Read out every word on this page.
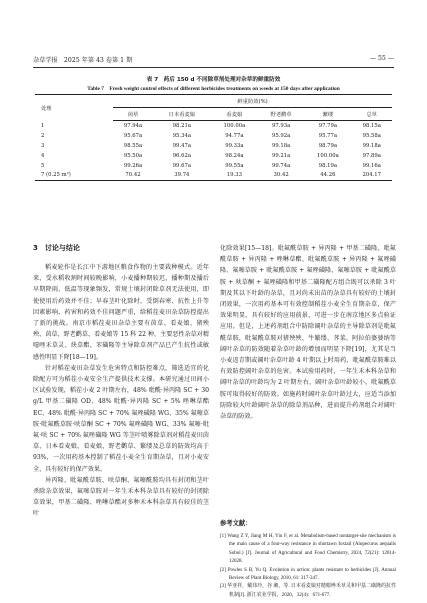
杂草学报　2025 年第 43 卷第 1 期	— 55 —
表 7　药后 150 d 不同除草剂处理对杂草的鲜重防效
Table 7　Fresh weight control effects of different herbicides treatments on weeds at 150 days after application
处理	鲜重防效(%)					
	茵草	日本看麦娘	看麦娘	野老鹳草	繁缕	总草
1	97.94a	98.21a	100.00a	97.93a	97.79a	98.15a
2	95.67a	95.34a	94.77a	95.92a	95.77a	95.58a
3	98.55a	99.47a	99.33a	99.18a	98.79a	99.18a
4	95.50a	96.62a	98.24a	99.21a	100.00a	97.89a
5	99.26a	99.67a	99.55a	99.74a	98.19a	99.16a
7 (0.25 m²)	70.42	39.74	19.33	30.42	44.26	204.17
3　讨论与结论

稻麦轮作是长江中下游地区粮食作物的主要栽种模式。近年来，受水稻收割时间较晚影响，小麦播种期较迟，播种期及播后早期降雨、低温等现象频发，常规土壤封闭除草剂无法使用，即使使用后药效并不佳；早春茎叶化除时，受倒春寒、抗性上升等因素影响，药害和药效不佳问题严重，给稻茬麦田杂草防控提出了新的挑战。南京市稻茬麦田杂草主要有茵草、看麦娘、猪殃殃、茵草、野老鹳草、看麦娘等 15 科 22 种，主要恶性杂草对精噁唑禾草灵、炔草酯、苯磺隆等主导除草剂产品已产生抗性或敏感性明显下降[18—19]。

针对稻茬麦田杂草发生危害特点和防控难点，筛选适宜的化除配方可为稻茬小麦安全生产提供技术支撑。本研究通过田间小区试验发现，稻茬小麦 2 叶期左右，48% 吡酰·异丙隆 SC + 30 g/L 甲基二磺隆 OD、48% 吡酰·异丙隆 SC + 5% 唑啉草酯 EC、48% 吡酰·异丙隆 SC + 70% 氟唑磺隆 WG、35% 氟噻草胺·吡氟酰草胺·呋草酮 SC + 70% 氟唑磺隆 WG、33% 氟噻·吡氟·呋 SC + 70% 氟唑磺隆 WG 等茎叶喷雾除草剂对稻茬麦田茵草、日本看麦娘、看麦娘、野老鹳草、繁缕及总草的防效均高于 93%，一次用药基本控制了稻茬小麦全生育期杂草，且对小麦安全，具有较好的保产效果。

异丙隆、吡氟酰草胺、呋草酮、氟噻酰胺均具有封闭和茎叶杀除杂草效果，氟噻草胺对一年生禾本科杂草具有较好的封闭除草效果，甲基二磺隆、唑啉草酯对多种禾本科杂草具有较佳的茎叶

化除效果[15—18]。吡氟酰草胺 + 异丙隆 + 甲基二磺隆、吡氟酰草胺 + 异丙隆 + 唑啉草酯、吡氟酰草胺 + 异丙隆 + 氟唑磺隆、氟噻草胺 + 吡氟酰草胺 + 氟唑磺隆、氟噻草胺 + 吡氟酰草胺 + 呋草酮 + 氟唑磺隆和甲基二磺隆配方组合既可以杀除 3 叶期及其以下叶龄的杂草，且对尚未出苗的杂草具有较好的土壤封闭效果，一次用药基本可有效控制稻茬小麦全生育期杂草，保产效果明显，具有较好的应用前景，可进一步在南京地区多点验证应用。但是，上述药剂组合中防除阔叶杂草的主导除草剂是吡氟酰草胺，吡氟酰草胺对猪殃殃、牛繁缕、荠菜、阿拉伯婆婆纳等阔叶杂草的防效随着杂草叶龄的增加而明显下降[19]，尤其是当小麦返青期或阔叶杂草叶龄 4 叶期以上时用药，吡氟酰草胺难以有效防控阔叶杂草的危害。本试验用药时，一年生禾本科杂草和阔叶杂草的叶龄均为 2 叶期左右，阔叶杂草叶龄较小，吡氟酰草胺可取得较好的防效。如施药时阔叶杂草叶龄过大，应适当添加防除较大叶龄阔叶杂草的除草剂品种，进而提升药剂组合对阔叶杂草的防效。

参考文献：

[1] Wang Z Y, Jiang M H, Yin F, et al. Metabolism-based nontarget-site mechanism is the main cause of a four-way resistance in shortawn foxtail (Alopecurus aequalis Sobol.) [J]. Journal of Agricultural and Food Chemistry, 2024, 72(21): 12014-12028.

[2] Powles S B, Yu Q. Evolution in action: plants resistant to herbicides [J]. Annual Review of Plant Biology, 2010, 61: 317-347.

[3] 华亚祥，戴玮玲，谷 湘，等. 日本看麦娘对精噁唑禾草灵和甲基二磺隆的抗性机制[J]. 浙江农业学报，2020，32(4)：671-677.
